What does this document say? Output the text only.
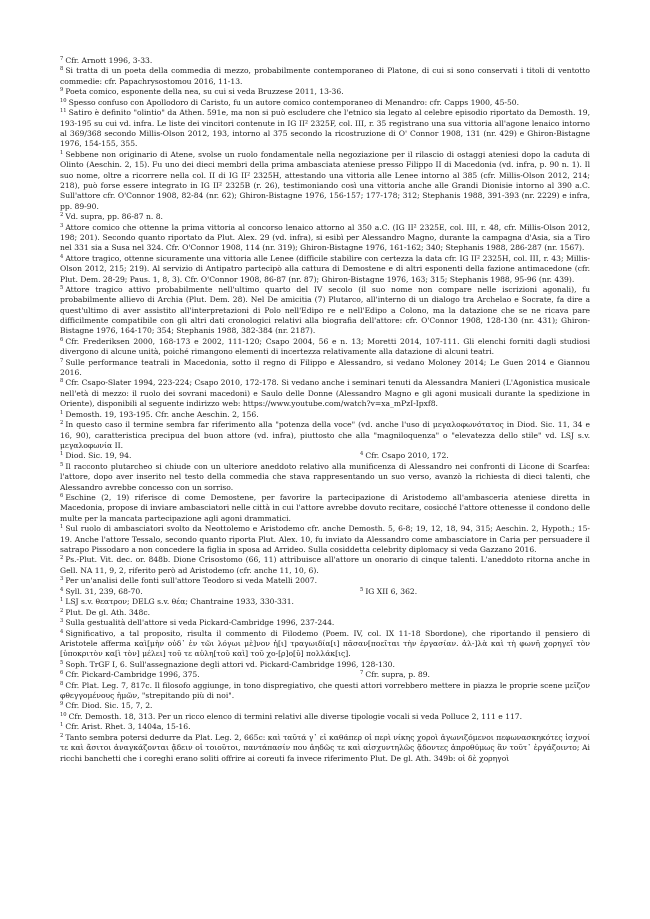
$^7$ Cfr. Arnott 1996, 3-33.

$^8$ Si tratta di un poeta della commedia di mezzo, probabilmente contemporaneo di Platone, di cui si sono conservati i titoli di ventotto commedie: cfr. Papachrysostomou 2016, 11-13.

$^9$ Poeta comico, esponente della nea, su cui si veda Bruzzese 2011, 13-36.

$^{10}$ Spesso confuso con Apollodoro di Caristo, fu un autore comico contemporaneo di Menandro: cfr. Capps 1900, 45-50.

$^{11}$ Satiro è definito "olintio" da Athen. 591e, ma non si può escludere che l'etnico sia legato al celebre episodio riportato da Demosth. 19, 193-195 su cui vd. infra. Le liste dei vincitori contenute in IG II² 2325F, col. III, r. 35 registrano una sua vittoria all'agone lenaico intorno al 369/368 secondo Millis-Olson 2012, 193, intorno al 375 secondo la ricostruzione di O' Connor 1908, 131 (nr. 429) e Ghiron-Bistagne 1976, 154-155, 355.

$^1$ Sebbene non originario di Atene, svolse un ruolo fondamentale nella negoziazione per il rilascio di ostaggi ateniesi dopo la caduta di Olinto (Aeschin. 2, 15). Fu uno dei dieci membri della prima ambasciata ateniese presso Filippo II di Macedonia (vd. infra, p. 90 n. 1). Il suo nome, oltre a ricorrere nella col. II di IG II² 2325H, attestando una vittoria alle Lenee intorno al 385 (cfr. Millis-Olson 2012, 214; 218), può forse essere integrato in IG II² 2325B (r. 26), testimoniando così una vittoria anche alle Grandi Dionisie intorno al 390 a.C. Sull'attore cfr. O'Connor 1908, 82-84 (nr. 62); Ghiron-Bistagne 1976, 156-157; 177-178; 312; Stephanis 1988, 391-393 (nr. 2229) e infra, pp. 89-90.

$^2$ Vd. supra, pp. 86-87 n. 8.

$^3$ Attore comico che ottenne la prima vittoria al concorso lenaico attorno al 350 a.C. (IG II² 2325E, col. III, r. 48, cfr. Millis-Olson 2012, 198; 201). Secondo quanto riportato da Plut. Alex. 29 (vd. infra), si esibì per Alessandro Magno, durante la campagna d'Asia, sia a Tiro nel 331 sia a Susa nel 324. Cfr. O'Connor 1908, 114 (nr. 319); Ghiron-Bistagne 1976, 161-162; 340; Stephanis 1988, 286-287 (nr. 1567).

$^4$ Attore tragico, ottenne sicuramente una vittoria alle Lenee (difficile stabilire con certezza la data cfr. IG II² 2325H, col. III, r. 43; Millis-Olson 2012, 215; 219). Al servizio di Antipatro partecipò alla cattura di Demostene e di altri esponenti della fazione antimacedone (cfr. Plut. Dem. 28-29; Paus. 1, 8, 3). Cfr. O'Connor 1908, 86-87 (nr. 87); Ghiron-Bistagne 1976, 163; 315; Stephanis 1988, 95-96 (nr. 439).

$^5$ Attore tragico attivo probabilmente nell'ultimo quarto del IV secolo (il suo nome non compare nelle iscrizioni agonali), fu probabilmente allievo di Archia (Plut. Dem. 28). Nel De amicitia (7) Plutarco, all'interno di un dialogo tra Archelao e Socrate, fa dire a quest'ultimo di aver assistito all'interpretazioni di Polo nell'Edipo re e nell'Edipo a Colono, ma la datazione che se ne ricava pare difficilmente compatibile con gli altri dati cronologici relativi alla biografia dell'attore: cfr. O'Connor 1908, 128-130 (nr. 431); Ghiron-Bistagne 1976, 164-170; 354; Stephanis 1988, 382-384 (nr. 2187).

$^6$ Cfr. Frederiksen 2000, 168-173 e 2002, 111-120; Csapo 2004, 56 e n. 13; Moretti 2014, 107-111. Gli elenchi forniti dagli studiosi divergono di alcune unità, poiché rimangono elementi di incertezza relativamente alla datazione di alcuni teatri.

$^7$ Sulle performance teatrali in Macedonia, sotto il regno di Filippo e Alessandro, si vedano Moloney 2014; Le Guen 2014 e Giannou 2016.

$^8$ Cfr. Csapo-Slater 1994, 223-224; Csapo 2010, 172-178. Si vedano anche i seminari tenuti da Alessandra Manieri (L'Agonistica musicale nell'età di mezzo: il ruolo dei sovrani macedoni) e Saulo delle Donne (Alessandro Magno e gli agoni musicali durante la spedizione in Oriente), disponibili al seguente indirizzo web: https://www.youtube.com/watch?v=xa_mPzI-Ipxf8.

$^1$ Demosth. 19, 193-195. Cfr. anche Aeschin. 2, 156.

$^2$ In questo caso il termine sembra far riferimento alla "potenza della voce" (vd. anche l'uso di μεγαλοφωνότατος in Diod. Sic. 11, 34 e 16, 90), caratteristica precipua del buon attore (vd. infra), piuttosto che alla "magniloquenza" o "elevatezza dello stile" vd. LSJ s.v. μεγαλοφωνία II.

$^1$ Diod. Sic. 19, 94.	$^4$ Cfr. Csapo 2010, 172.

$^5$ Il racconto plutarcheo si chiude con un ulteriore aneddoto relativo alla munificenza di Alessandro nei confronti di Licone di Scarfea: l'attore, dopo aver inserito nel testo della commedia che stava rappresentando un suo verso, avanzò la richiesta di dieci talenti, che Alessandro avrebbe concesso con un sorriso.

$^6$ Eschine (2, 19) riferisce di come Demostene, per favorire la partecipazione di Aristodemo all'ambasceria ateniese diretta in Macedonia, propose di inviare ambasciatori nelle città in cui l'attore avrebbe dovuto recitare, cosicché l'attore ottenesse il condono delle multe per la mancata partecipazione agli agoni drammatici.

$^1$ Sul ruolo di ambasciatori svolto da Neottolemo e Aristodemo cfr. anche Demosth. 5, 6-8; 19, 12, 18, 94, 315; Aeschin. 2, Hypoth.; 15-19. Anche l'attore Tessalo, secondo quanto riporta Plut. Alex. 10, fu inviato da Alessandro come ambasciatore in Caria per persuadere il satrapo Pissodaro a non concedere la figlia in sposa ad Arrideo. Sulla cosiddetta celebrity diplomacy si veda Gazzano 2016.

$^2$ Ps.-Plut. Vit. dec. or. 848b. Dione Crisostomo (66, 11) attribuisce all'attore un onorario di cinque talenti. L'aneddoto ritorna anche in Gell. NA 11, 9, 2, riferito però ad Aristodemo (cfr. anche 11, 10, 6).

$^3$ Per un'analisi delle fonti sull'attore Teodoro si veda Matelli 2007.

$^4$ Syll. 31, 239, 68-70.	$^5$ IG XII 6, 362.

$^1$ LSJ s.v. θεατρον; DELG s.v. θέα; Chantraine 1933, 330-331.

$^2$ Plut. De gl. Ath. 348c.

$^3$ Sulla gestualità dell'attore si veda Pickard-Cambridge 1996, 237-244.

$^4$ Significativo, a tal proposito, risulta il commento di Filodemo (Poem. IV, col. IX 11-18 Sbordone), che riportando il pensiero di Aristotele afferma καὶ[μὴν οὐδ᾽ ἐν τῶι λόγωι μὲ]νον ἡ[ι] τραγωιδία[ι] πᾶσαν[ποεῖται τὴν ἐργασίαν. ἀλ-]λὰ καὶ τὴ φωνῆ χορηγεῖ τὸν [ὑποκριτὸν κα[ὶ τὸν] μέλει] τοῦ τε αὐλη[τοῦ καὶ] τοῦ χο-[ρ]ο[ῦ] πολλάκ[ις].

$^5$ Soph. TrGF I, 6. Sull'assegnazione degli attori vd. Pickard-Cambridge 1996, 128-130.

$^6$ Cfr. Pickard-Cambridge 1996, 375.	$^7$ Cfr. supra, p. 89.

$^8$ Cfr. Plat. Leg. 7, 817c. Il filosofo aggiunge, in tono dispregiativo, che questi attori vorrebbero mettere in piazza le proprie scene μεῖζον φθεγγομένους ἡμῶν, "strepitando più di noi".

$^9$ Cfr. Diod. Sic. 15, 7, 2.

$^{10}$ Cfr. Demosth. 18, 313. Per un ricco elenco di termini relativi alle diverse tipologie vocali si veda Polluce 2, 111 e 117.

$^1$ Cfr. Arist. Rhet. 3, 1404a, 15-16.

$^2$ Tanto sembra potersi dedurre da Plat. Leg. 2, 665c: καὶ ταῦτά γ᾽ εἰ καθάπερ οἱ περὶ νίκης χοροὶ ἀγωνιζόμενοι πεφωνασκηκότες ἰσχνοί τε καὶ ἄσιτοι ἀναγκάζονται ᾄδειν οἱ τοιοῦτοι, παντάπασίν που ἀηδῶς τε καὶ αἰσχυντηλῶς ᾄδοντες ἀπροθύμως ἂν τοῦτ᾽ ἐργάζοιντο; Ai ricchi banchetti che i coreghi erano soliti offrire ai coreuti fa invece riferimento Plut. De gl. Ath. 349b: οἱ δὲ χορηγοὶ
